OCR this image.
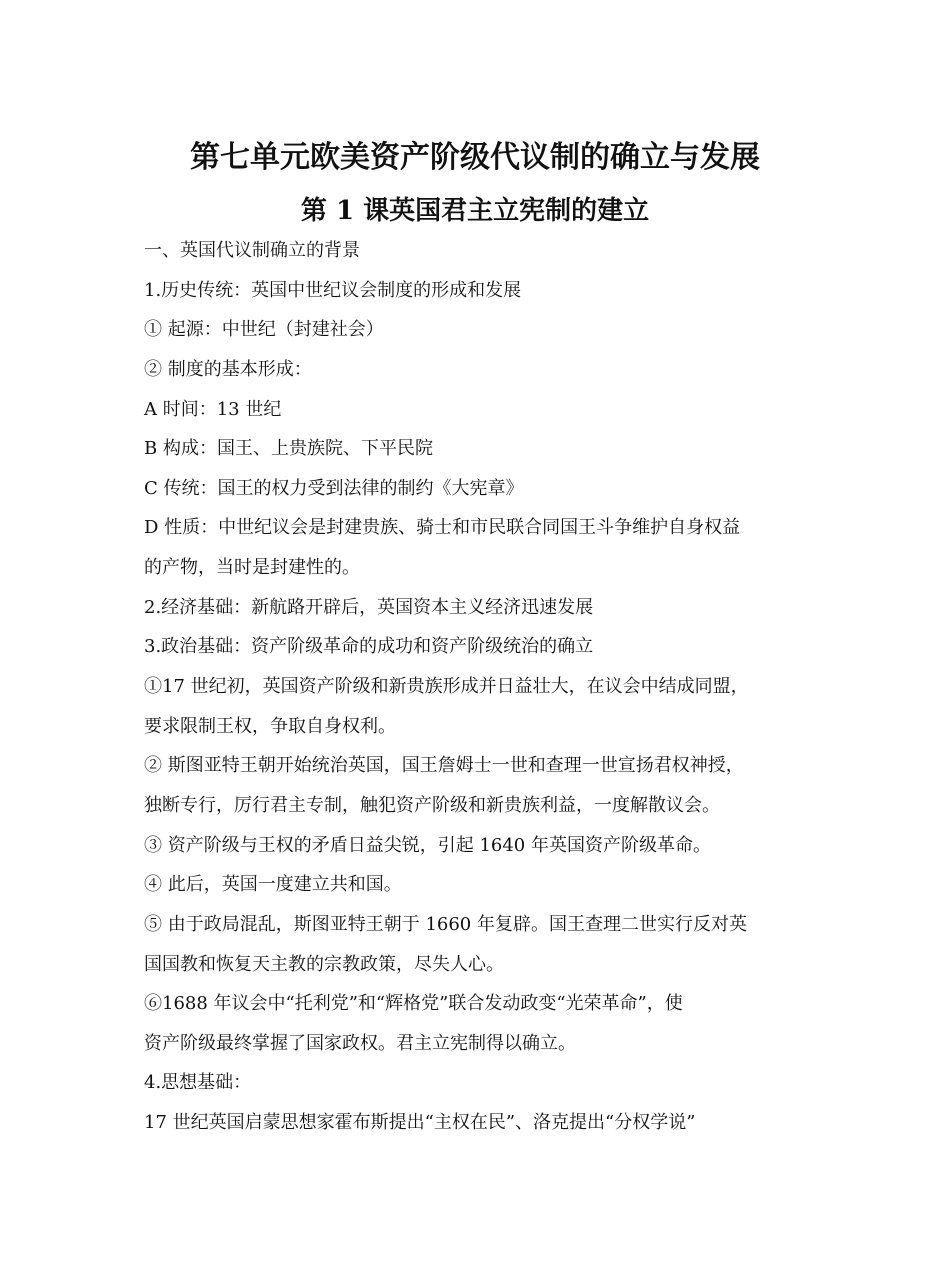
第七单元欧美资产阶级代议制的确立与发展
第 1 课英国君主立宪制的建立
一、英国代议制确立的背景
1.历史传统：英国中世纪议会制度的形成和发展
① 起源：中世纪（封建社会）
② 制度的基本形成：
A 时间：13 世纪
B 构成：国王、上贵族院、下平民院
C 传统：国王的权力受到法律的制约《大宪章》
D 性质：中世纪议会是封建贵族、骑士和市民联合同国王斗争维护自身权益
的产物，当时是封建性的。
2.经济基础：新航路开辟后，英国资本主义经济迅速发展
3.政治基础：资产阶级革命的成功和资产阶级统治的确立
①17 世纪初，英国资产阶级和新贵族形成并日益壮大，在议会中结成同盟，
要求限制王权，争取自身权利。
② 斯图亚特王朝开始统治英国，国王詹姆士一世和查理一世宣扬君权神授，
独断专行，厉行君主专制，触犯资产阶级和新贵族利益，一度解散议会。
③ 资产阶级与王权的矛盾日益尖锐，引起 1640 年英国资产阶级革命。
④ 此后，英国一度建立共和国。
⑤ 由于政局混乱，斯图亚特王朝于 1660 年复辟。国王查理二世实行反对英
国国教和恢复天主教的宗教政策，尽失人心。
⑥1688 年议会中“托利党”和“辉格党”联合发动政变“光荣革命”，使
资产阶级最终掌握了国家政权。君主立宪制得以确立。
4.思想基础：
17 世纪英国启蒙思想家霍布斯提出“主权在民”、洛克提出“分权学说”
